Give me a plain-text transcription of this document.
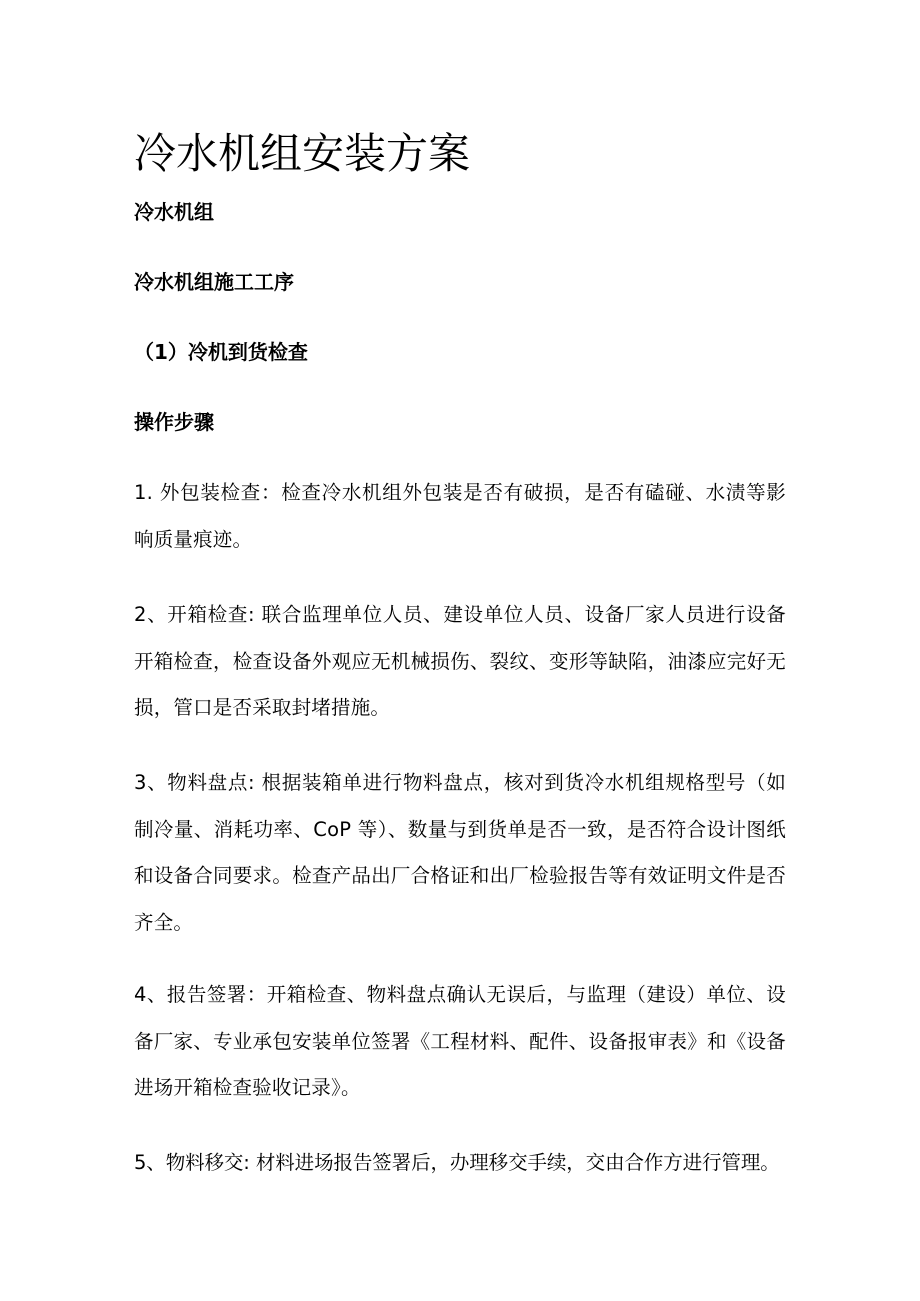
冷水机组安装方案

冷水机组

冷水机组施工工序

（1）冷机到货检查

操作步骤

1. 外包装检查：检查冷水机组外包装是否有破损，是否有磕碰、水渍等影响质量痕迹。

2、开箱检查: 联合监理单位人员、建设单位人员、设备厂家人员进行设备开箱检查，检查设备外观应无机械损伤、裂纹、变形等缺陷，油漆应完好无损，管口是否采取封堵措施。

3、物料盘点: 根据装箱单进行物料盘点，核对到货冷水机组规格型号（如制冷量、消耗功率、CoP 等）、数量与到货单是否一致，是否符合设计图纸和设备合同要求。检查产品出厂合格证和出厂检验报告等有效证明文件是否齐全。

4、报告签署：开箱检查、物料盘点确认无误后，与监理（建设）单位、设备厂家、专业承包安装单位签署《工程材料、配件、设备报审表》和《设备进场开箱检查验收记录》。

5、物料移交: 材料进场报告签署后，办理移交手续，交由合作方进行管理。
